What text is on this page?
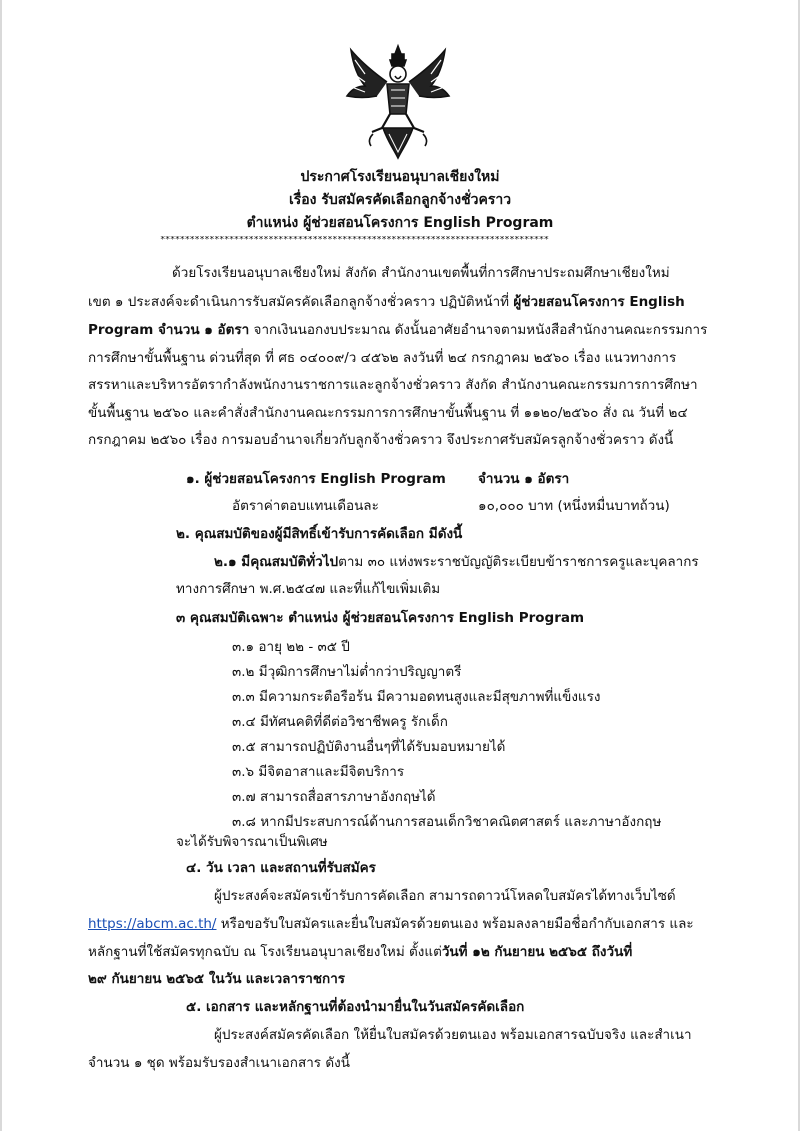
ประกาศโรงเรียนอนุบาลเชียงใหม่
เรื่อง รับสมัครคัดเลือกลูกจ้างชั่วคราว
ตำแหน่ง ผู้ช่วยสอนโครงการ English Program
*******************************************************************************
ด้วยโรงเรียนอนุบาลเชียงใหม่ สังกัด สำนักงานเขตพื้นที่การศึกษาประถมศึกษาเชียงใหม่
เขต ๑ ประสงค์จะดำเนินการรับสมัครคัดเลือกลูกจ้างชั่วคราว ปฏิบัติหน้าที่ ผู้ช่วยสอนโครงการ English
Program จำนวน ๑ อัตรา จากเงินนอกงบประมาณ ดังนั้นอาศัยอำนาจตามหนังสือสำนักงานคณะกรรมการ
การศึกษาขั้นพื้นฐาน ด่วนที่สุด ที่ ศธ ๐๔๐๐๙/ว ๔๕๖๒ ลงวันที่ ๒๔ กรกฎาคม ๒๕๖๐ เรื่อง แนวทางการ
สรรหาและบริหารอัตรากำลังพนักงานราชการและลูกจ้างชั่วคราว สังกัด สำนักงานคณะกรรมการการศึกษา
ขั้นพื้นฐาน ๒๕๖๐ และคำสั่งสำนักงานคณะกรรมการการศึกษาขั้นพื้นฐาน ที่ ๑๑๒๐/๒๕๖๐ สั่ง ณ วันที่ ๒๔
กรกฎาคม ๒๕๖๐ เรื่อง การมอบอำนาจเกี่ยวกับลูกจ้างชั่วคราว จึงประกาศรับสมัครลูกจ้างชั่วคราว ดังนี้
๑. ผู้ช่วยสอนโครงการ English Program จำนวน ๑ อัตรา
อัตราค่าตอบแทนเดือนละ	๑๐,๐๐๐ บาท (หนึ่งหมื่นบาทถ้วน)
๒. คุณสมบัติของผู้มีสิทธิ์เข้ารับการคัดเลือก มีดังนี้
๒.๑ มีคุณสมบัติทั่วไปตาม ๓๐ แห่งพระราชบัญญัติระเบียบข้าราชการครูและบุคลากร
ทางการศึกษา พ.ศ.๒๕๔๗ และที่แก้ไขเพิ่มเติม
๓ คุณสมบัติเฉพาะ ตำแหน่ง ผู้ช่วยสอนโครงการ English Program
๓.๑ อายุ ๒๒ - ๓๕ ปี
๓.๒ มีวุฒิการศึกษาไม่ต่ำกว่าปริญญาตรี
๓.๓ มีความกระตือรือร้น มีความอดทนสูงและมีสุขภาพที่แข็งแรง
๓.๔ มีทัศนคติที่ดีต่อวิชาชีพครู รักเด็ก
๓.๕ สามารถปฏิบัติงานอื่นๆที่ได้รับมอบหมายได้
๓.๖ มีจิตอาสาและมีจิตบริการ
๓.๗ สามารถสื่อสารภาษาอังกฤษได้
๓.๘ หากมีประสบการณ์ด้านการสอนเด็กวิชาคณิตศาสตร์ และภาษาอังกฤษ
จะได้รับพิจารณาเป็นพิเศษ
๔. วัน เวลา และสถานที่รับสมัคร
ผู้ประสงค์จะสมัครเข้ารับการคัดเลือก สามารถดาวน์โหลดใบสมัครได้ทางเว็บไซด์
https://abcm.ac.th/ หรือขอรับใบสมัครและยื่นใบสมัครด้วยตนเอง พร้อมลงลายมือชื่อกำกับเอกสาร และ
หลักฐานที่ใช้สมัครทุกฉบับ ณ โรงเรียนอนุบาลเชียงใหม่ ตั้งแต่วันที่ ๑๒ กันยายน ๒๕๖๕ ถึงวันที่
๒๙ กันยายน ๒๕๖๕ ในวัน และเวลาราชการ
๕. เอกสาร และหลักฐานที่ต้องนำมายื่นในวันสมัครคัดเลือก
ผู้ประสงค์สมัครคัดเลือก ให้ยื่นใบสมัครด้วยตนเอง พร้อมเอกสารฉบับจริง และสำเนา
จำนวน ๑ ชุด พร้อมรับรองสำเนาเอกสาร ดังนี้
